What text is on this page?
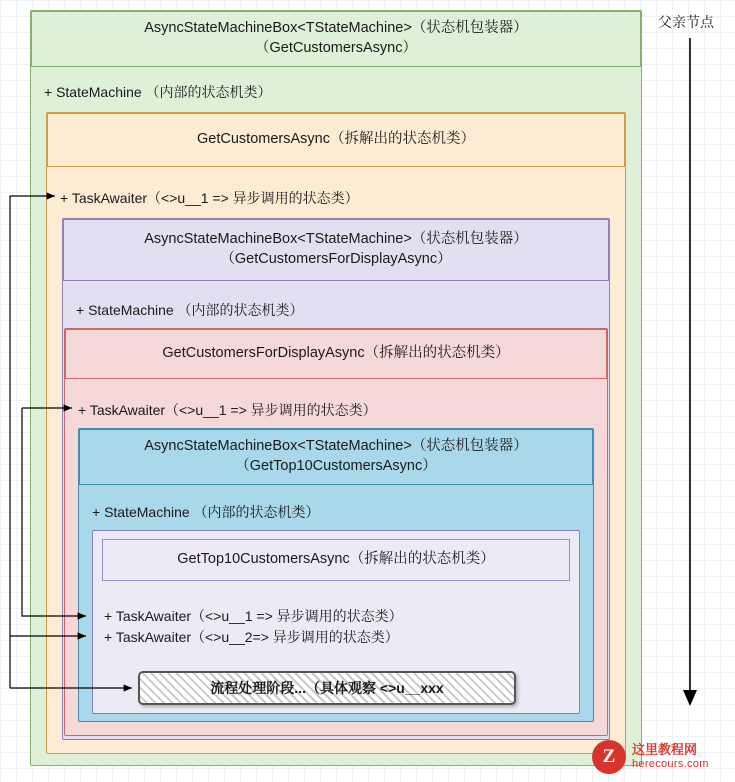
AsyncStateMachineBox<TStateMachine>（状态机包装器）
（GetCustomersAsync）
+ StateMachine （内部的状态机类）
GetCustomersAsync（拆解出的状态机类）
+ TaskAwaiter（<>u__1 => 异步调用的状态类）
AsyncStateMachineBox<TStateMachine>（状态机包装器）
（GetCustomersForDisplayAsync）
+ StateMachine （内部的状态机类）
GetCustomersForDisplayAsync（拆解出的状态机类）
+ TaskAwaiter（<>u__1 => 异步调用的状态类）
AsyncStateMachineBox<TStateMachine>（状态机包装器）
（GetTop10CustomersAsync）
+ StateMachine （内部的状态机类）
GetTop10CustomersAsync（拆解出的状态机类）
+ TaskAwaiter（<>u__1 => 异步调用的状态类）
+ TaskAwaiter（<>u__2=> 异步调用的状态类）
流程处理阶段...（具体观察 <>u__xxx
父亲节点
Z	这里教程网
herecours.com
